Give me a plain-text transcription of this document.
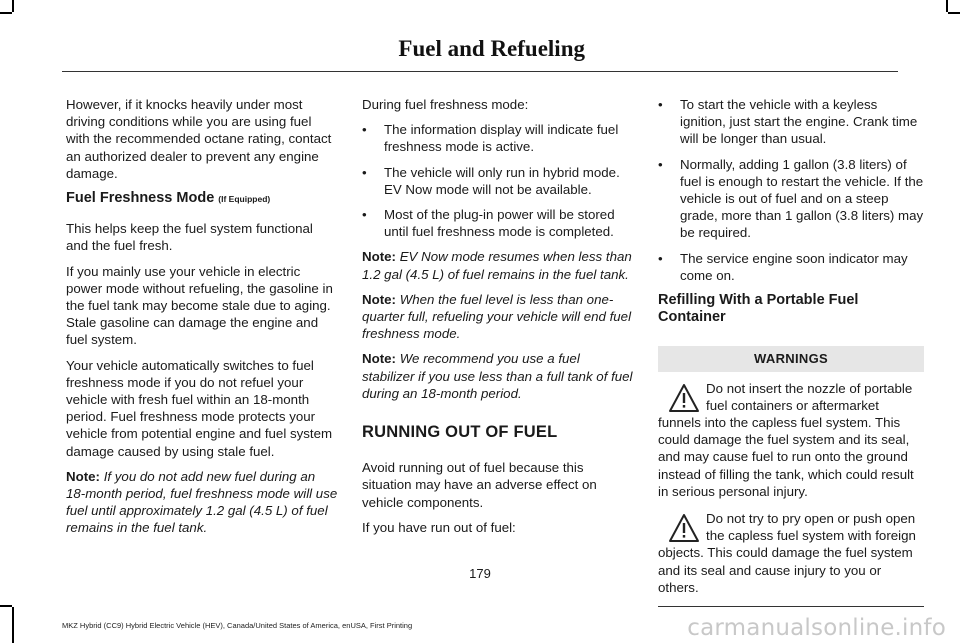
Fuel and Refueling

However, if it knocks heavily under most driving conditions while you are using fuel with the recommended octane rating, contact an authorized dealer to prevent any engine damage.

Fuel Freshness Mode (If Equipped)

This helps keep the fuel system functional and the fuel fresh.

If you mainly use your vehicle in electric power mode without refueling, the gasoline in the fuel tank may become stale due to aging. Stale gasoline can damage the engine and fuel system.

Your vehicle automatically switches to fuel freshness mode if you do not refuel your vehicle with fresh fuel within an 18-month period. Fuel freshness mode protects your vehicle from potential engine and fuel system damage caused by using stale fuel.

Note: If you do not add new fuel during an 18-month period, fuel freshness mode will use fuel until approximately 1.2 gal (4.5 L) of fuel remains in the fuel tank.

During fuel freshness mode:

• The information display will indicate fuel freshness mode is active.
• The vehicle will only run in hybrid mode. EV Now mode will not be available.
• Most of the plug-in power will be stored until fuel freshness mode is completed.

Note: EV Now mode resumes when less than 1.2 gal (4.5 L) of fuel remains in the fuel tank.

Note: When the fuel level is less than one-quarter full, refueling your vehicle will end fuel freshness mode.

Note: We recommend you use a fuel stabilizer if you use less than a full tank of fuel during an 18-month period.

RUNNING OUT OF FUEL

Avoid running out of fuel because this situation may have an adverse effect on vehicle components.

If you have run out of fuel:

• To start the vehicle with a keyless ignition, just start the engine. Crank time will be longer than usual.
• Normally, adding 1 gallon (3.8 liters) of fuel is enough to restart the vehicle. If the vehicle is out of fuel and on a steep grade, more than 1 gallon (3.8 liters) may be required.
• The service engine soon indicator may come on.
Refilling With a Portable Fuel Container
WARNINGS
Do not insert the nozzle of portable fuel containers or aftermarket funnels into the capless fuel system. This could damage the fuel system and its seal, and may cause fuel to run onto the ground instead of filling the tank, which could result in serious personal injury.
Do not try to pry open or push open the capless fuel system with foreign objects. This could damage the fuel system and its seal and cause injury to you or others.
179
MKZ Hybrid (CC9) Hybrid Electric Vehicle (HEV), Canada/United States of America, enUSA, First Printing	carmanualsonline.info
